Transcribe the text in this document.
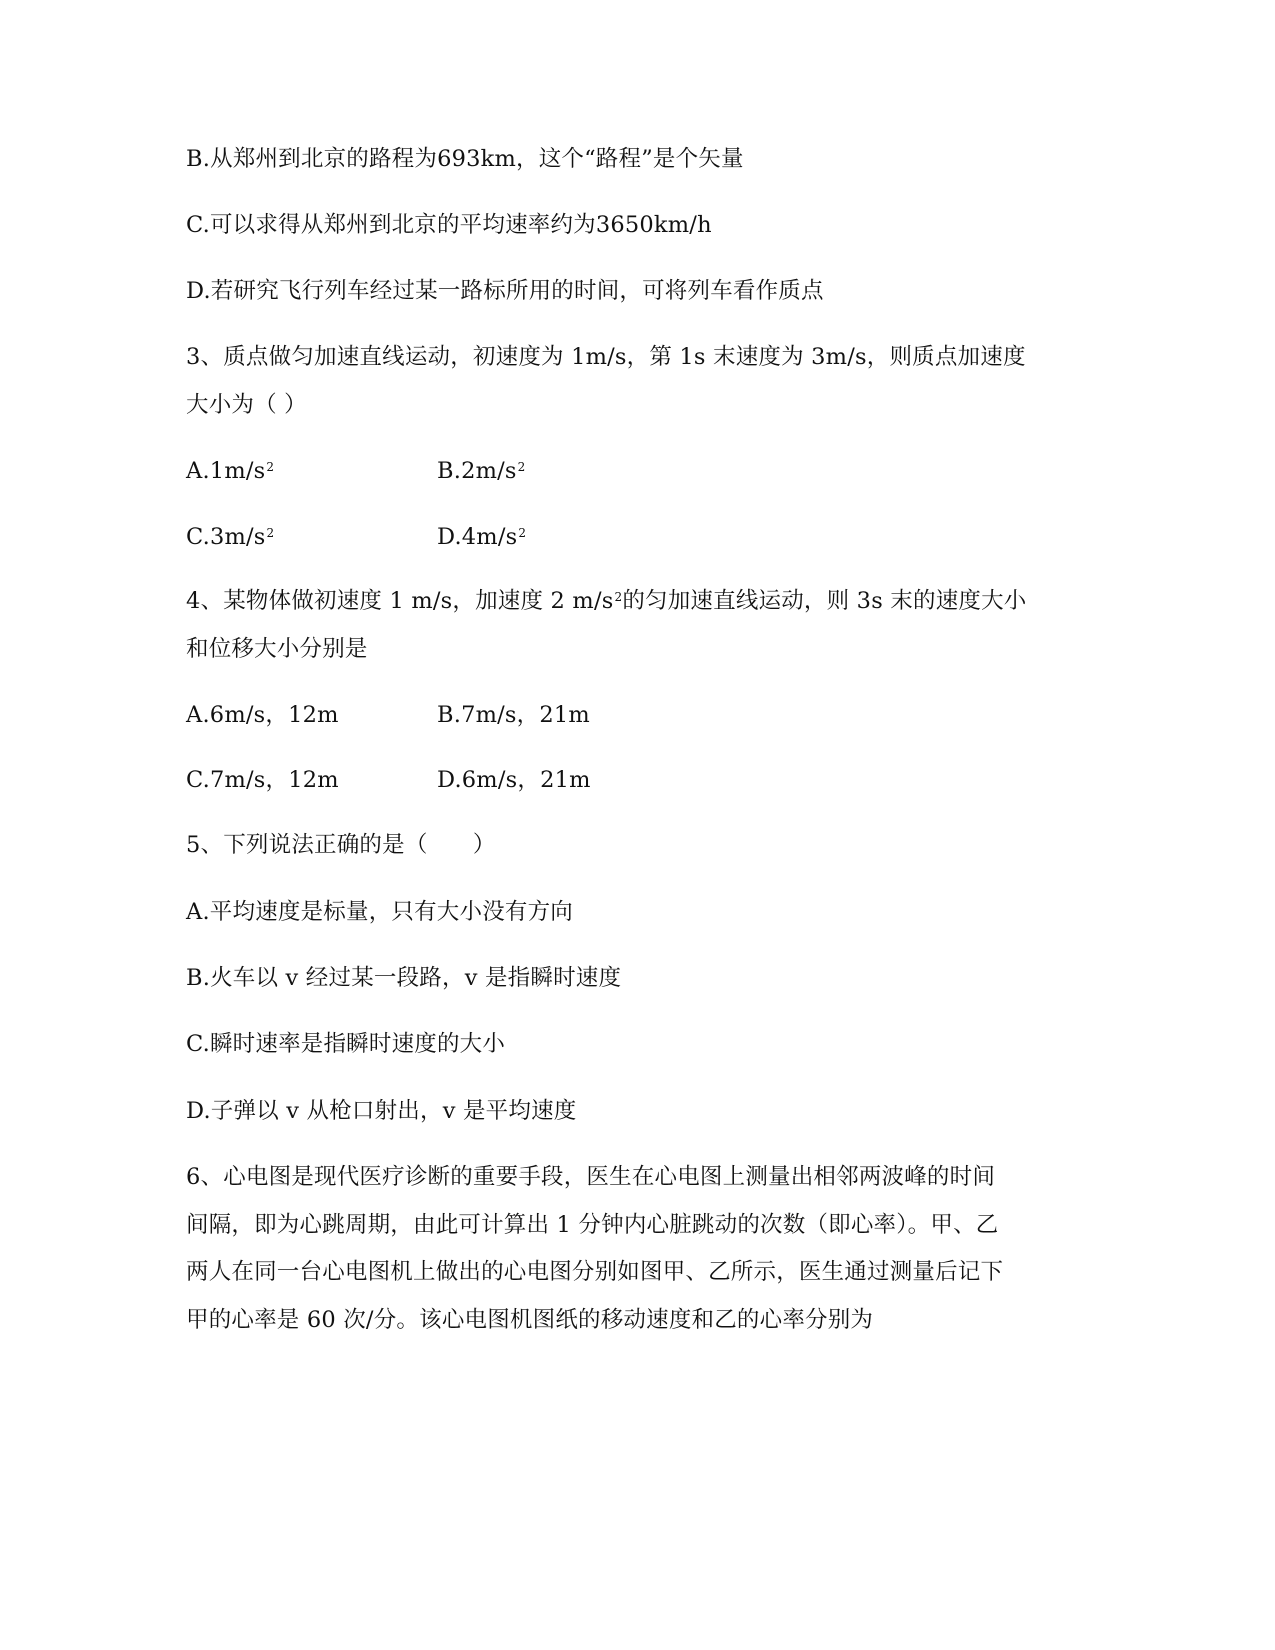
B.从郑州到北京的路程为693km，这个“路程”是个矢量
C.可以求得从郑州到北京的平均速率约为3650km/h
D.若研究飞行列车经过某一路标所用的时间，可将列车看作质点
3、质点做匀加速直线运动，初速度为 1m/s，第 1s 末速度为 3m/s，则质点加速度
大小为（ ）
$A.1m/s^2$	$B.2m/s^2$
$C.3m/s^2$	$D.4m/s^2$
4、某物体做初速度 1 m/s，加速度 2 $m/s^2$的匀加速直线运动，则 3s 末的速度大小
和位移大小分别是
A.6m/s，12m	B.7m/s，21m
C.7m/s，12m	D.6m/s，21m
5、下列说法正确的是（　　）
A.平均速度是标量，只有大小没有方向
B.火车以 v 经过某一段路，v 是指瞬时速度
C.瞬时速率是指瞬时速度的大小
D.子弹以 v 从枪口射出，v 是平均速度
6、心电图是现代医疗诊断的重要手段，医生在心电图上测量出相邻两波峰的时间
间隔，即为心跳周期，由此可计算出 1 分钟内心脏跳动的次数（即心率）。甲、乙
两人在同一台心电图机上做出的心电图分别如图甲、乙所示，医生通过测量后记下
甲的心率是 60 次/分。该心电图机图纸的移动速度和乙的心率分别为
